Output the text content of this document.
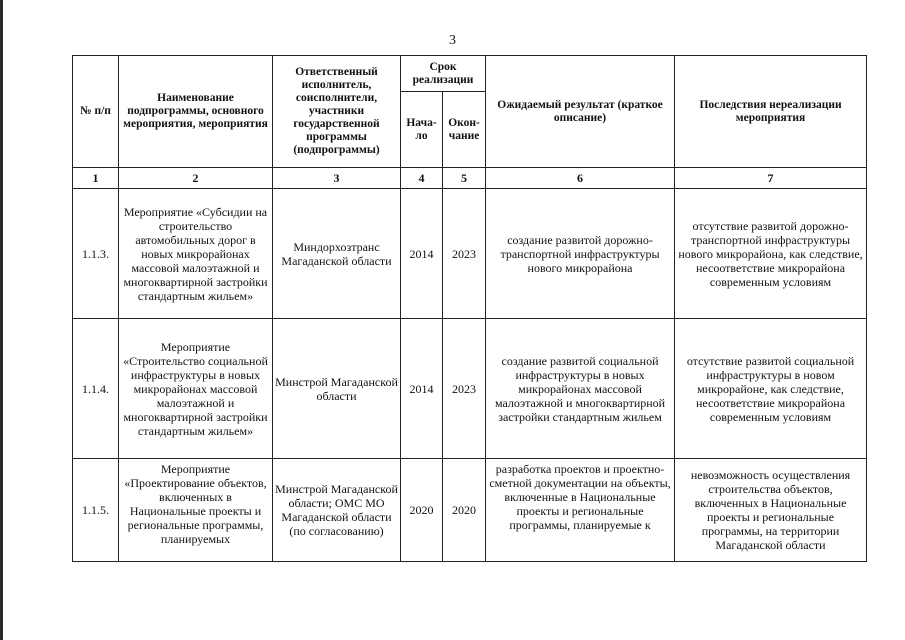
3
№ п/п	Наименование подпрограммы, основного мероприятия, мероприятия	Ответственный исполнитель, соисполнители, участники государственной программы (подпрограммы)	Срок реализации		Ожидаемый результат (краткое описание)	Последствия нереализации мероприятия
			Нача-ло	Окон-чание		
1	2	3	4	5	6	7
1.1.3.	Мероприятие «Субсидии на строительство автомобильных дорог в новых микрорайонах массовой малоэтажной и многоквартирной застройки стандартным жильем»	Миндорхозтранс Магаданской области	2014	2023	создание развитой дорожно-транспортной инфраструктуры нового микрорайона	отсутствие развитой дорожно-транспортной инфраструктуры нового микрорайона, как следствие, несоответствие микрорайона современным условиям
1.1.4.	Мероприятие «Строительство социальной инфраструктуры в новых микрорайонах массовой малоэтажной и многоквартирной застройки стандартным жильем»	Минстрой Магаданской области	2014	2023	создание развитой социальной инфраструктуры в новых микрорайонах массовой малоэтажной и многоквартирной застройки стандартным жильем	отсутствие развитой социальной инфраструктуры в новом микрорайоне, как следствие, несоответствие микрорайона современным условиям
1.1.5.	Мероприятие «Проектирование объектов, включенных в Национальные проекты и региональные программы, планируемых	Минстрой Магаданской области; ОМС МО Магаданской области (по согласованию)	2020	2020	разработка проектов и проектно-сметной документации на объекты, включенные в Национальные проекты и региональные программы, планируемые к	невозможность осуществления строительства объектов, включенных в Национальные проекты и региональные программы, на территории Магаданской области
